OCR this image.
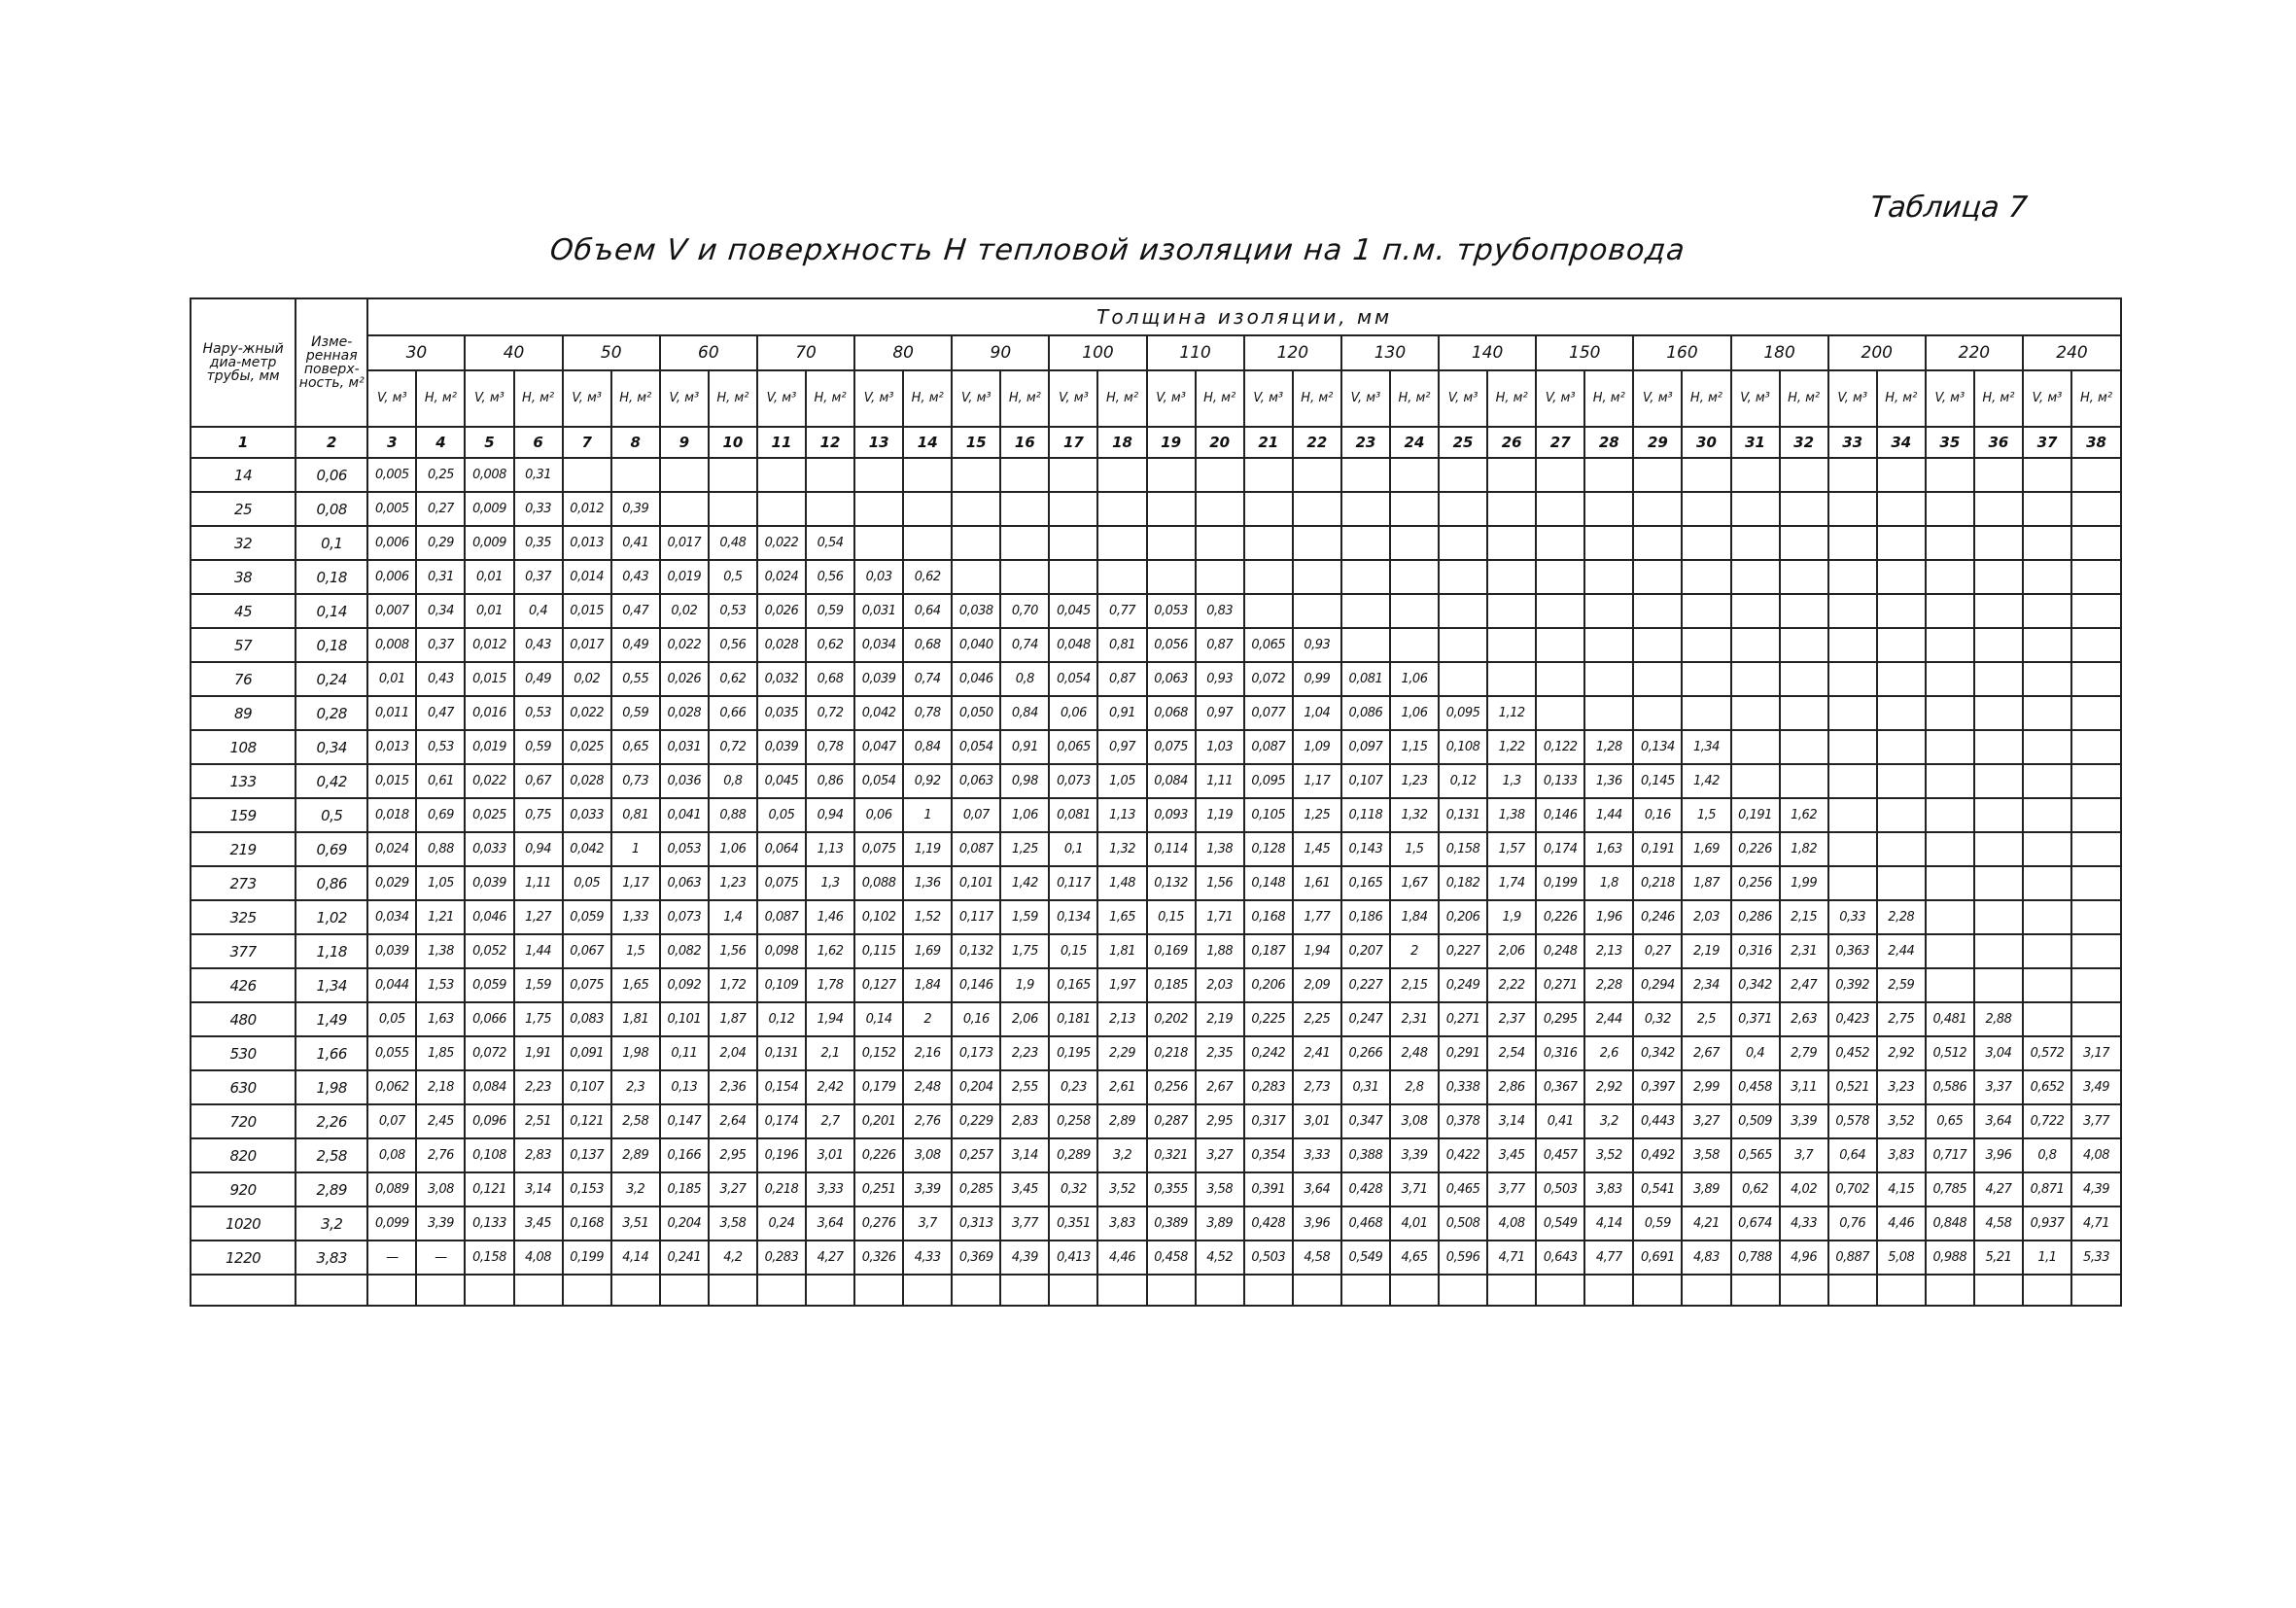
Таблица 7
Объем V и поверхность H тепловой изоляции на 1 п.м. трубопровода
Нару-жный диа-метр трубы, мм	Изме-ренная поверх-ность, м²	Толщина изоляции, мм																																			
		30		40		50		60		70		80		90		100		110		120		130		140		150		160		180		200		220		240	
		V, м³	H, м²	V, м³	H, м²	V, м³	H, м²	V, м³	H, м²	V, м³	H, м²	V, м³	H, м²	V, м³	H, м²	V, м³	H, м²	V, м³	H, м²	V, м³	H, м²	V, м³	H, м²	V, м³	H, м²	V, м³	H, м²	V, м³	H, м²	V, м³	H, м²	V, м³	H, м²	V, м³	H, м²	V, м³	H, м²
1	2	3	4	5	6	7	8	9	10	11	12	13	14	15	16	17	18	19	20	21	22	23	24	25	26	27	28	29	30	31	32	33	34	35	36	37	38
14	0,06	0,005	0,25	0,008	0,31																																
25	0,08	0,005	0,27	0,009	0,33	0,012	0,39																														
32	0,1	0,006	0,29	0,009	0,35	0,013	0,41	0,017	0,48	0,022	0,54																										
38	0,18	0,006	0,31	0,01	0,37	0,014	0,43	0,019	0,5	0,024	0,56	0,03	0,62																								
45	0,14	0,007	0,34	0,01	0,4	0,015	0,47	0,02	0,53	0,026	0,59	0,031	0,64	0,038	0,70	0,045	0,77	0,053	0,83																		
57	0,18	0,008	0,37	0,012	0,43	0,017	0,49	0,022	0,56	0,028	0,62	0,034	0,68	0,040	0,74	0,048	0,81	0,056	0,87	0,065	0,93																
76	0,24	0,01	0,43	0,015	0,49	0,02	0,55	0,026	0,62	0,032	0,68	0,039	0,74	0,046	0,8	0,054	0,87	0,063	0,93	0,072	0,99	0,081	1,06														
89	0,28	0,011	0,47	0,016	0,53	0,022	0,59	0,028	0,66	0,035	0,72	0,042	0,78	0,050	0,84	0,06	0,91	0,068	0,97	0,077	1,04	0,086	1,06	0,095	1,12												
108	0,34	0,013	0,53	0,019	0,59	0,025	0,65	0,031	0,72	0,039	0,78	0,047	0,84	0,054	0,91	0,065	0,97	0,075	1,03	0,087	1,09	0,097	1,15	0,108	1,22	0,122	1,28	0,134	1,34								
133	0,42	0,015	0,61	0,022	0,67	0,028	0,73	0,036	0,8	0,045	0,86	0,054	0,92	0,063	0,98	0,073	1,05	0,084	1,11	0,095	1,17	0,107	1,23	0,12	1,3	0,133	1,36	0,145	1,42								
159	0,5	0,018	0,69	0,025	0,75	0,033	0,81	0,041	0,88	0,05	0,94	0,06	1	0,07	1,06	0,081	1,13	0,093	1,19	0,105	1,25	0,118	1,32	0,131	1,38	0,146	1,44	0,16	1,5	0,191	1,62						
219	0,69	0,024	0,88	0,033	0,94	0,042	1	0,053	1,06	0,064	1,13	0,075	1,19	0,087	1,25	0,1	1,32	0,114	1,38	0,128	1,45	0,143	1,5	0,158	1,57	0,174	1,63	0,191	1,69	0,226	1,82						
273	0,86	0,029	1,05	0,039	1,11	0,05	1,17	0,063	1,23	0,075	1,3	0,088	1,36	0,101	1,42	0,117	1,48	0,132	1,56	0,148	1,61	0,165	1,67	0,182	1,74	0,199	1,8	0,218	1,87	0,256	1,99						
325	1,02	0,034	1,21	0,046	1,27	0,059	1,33	0,073	1,4	0,087	1,46	0,102	1,52	0,117	1,59	0,134	1,65	0,15	1,71	0,168	1,77	0,186	1,84	0,206	1,9	0,226	1,96	0,246	2,03	0,286	2,15	0,33	2,28				
377	1,18	0,039	1,38	0,052	1,44	0,067	1,5	0,082	1,56	0,098	1,62	0,115	1,69	0,132	1,75	0,15	1,81	0,169	1,88	0,187	1,94	0,207	2	0,227	2,06	0,248	2,13	0,27	2,19	0,316	2,31	0,363	2,44				
426	1,34	0,044	1,53	0,059	1,59	0,075	1,65	0,092	1,72	0,109	1,78	0,127	1,84	0,146	1,9	0,165	1,97	0,185	2,03	0,206	2,09	0,227	2,15	0,249	2,22	0,271	2,28	0,294	2,34	0,342	2,47	0,392	2,59				
480	1,49	0,05	1,63	0,066	1,75	0,083	1,81	0,101	1,87	0,12	1,94	0,14	2	0,16	2,06	0,181	2,13	0,202	2,19	0,225	2,25	0,247	2,31	0,271	2,37	0,295	2,44	0,32	2,5	0,371	2,63	0,423	2,75	0,481	2,88		
530	1,66	0,055	1,85	0,072	1,91	0,091	1,98	0,11	2,04	0,131	2,1	0,152	2,16	0,173	2,23	0,195	2,29	0,218	2,35	0,242	2,41	0,266	2,48	0,291	2,54	0,316	2,6	0,342	2,67	0,4	2,79	0,452	2,92	0,512	3,04	0,572	3,17
630	1,98	0,062	2,18	0,084	2,23	0,107	2,3	0,13	2,36	0,154	2,42	0,179	2,48	0,204	2,55	0,23	2,61	0,256	2,67	0,283	2,73	0,31	2,8	0,338	2,86	0,367	2,92	0,397	2,99	0,458	3,11	0,521	3,23	0,586	3,37	0,652	3,49
720	2,26	0,07	2,45	0,096	2,51	0,121	2,58	0,147	2,64	0,174	2,7	0,201	2,76	0,229	2,83	0,258	2,89	0,287	2,95	0,317	3,01	0,347	3,08	0,378	3,14	0,41	3,2	0,443	3,27	0,509	3,39	0,578	3,52	0,65	3,64	0,722	3,77
820	2,58	0,08	2,76	0,108	2,83	0,137	2,89	0,166	2,95	0,196	3,01	0,226	3,08	0,257	3,14	0,289	3,2	0,321	3,27	0,354	3,33	0,388	3,39	0,422	3,45	0,457	3,52	0,492	3,58	0,565	3,7	0,64	3,83	0,717	3,96	0,8	4,08
920	2,89	0,089	3,08	0,121	3,14	0,153	3,2	0,185	3,27	0,218	3,33	0,251	3,39	0,285	3,45	0,32	3,52	0,355	3,58	0,391	3,64	0,428	3,71	0,465	3,77	0,503	3,83	0,541	3,89	0,62	4,02	0,702	4,15	0,785	4,27	0,871	4,39
1020	3,2	0,099	3,39	0,133	3,45	0,168	3,51	0,204	3,58	0,24	3,64	0,276	3,7	0,313	3,77	0,351	3,83	0,389	3,89	0,428	3,96	0,468	4,01	0,508	4,08	0,549	4,14	0,59	4,21	0,674	4,33	0,76	4,46	0,848	4,58	0,937	4,71
1220	3,83	—	—	0,158	4,08	0,199	4,14	0,241	4,2	0,283	4,27	0,326	4,33	0,369	4,39	0,413	4,46	0,458	4,52	0,503	4,58	0,549	4,65	0,596	4,71	0,643	4,77	0,691	4,83	0,788	4,96	0,887	5,08	0,988	5,21	1,1	5,33
